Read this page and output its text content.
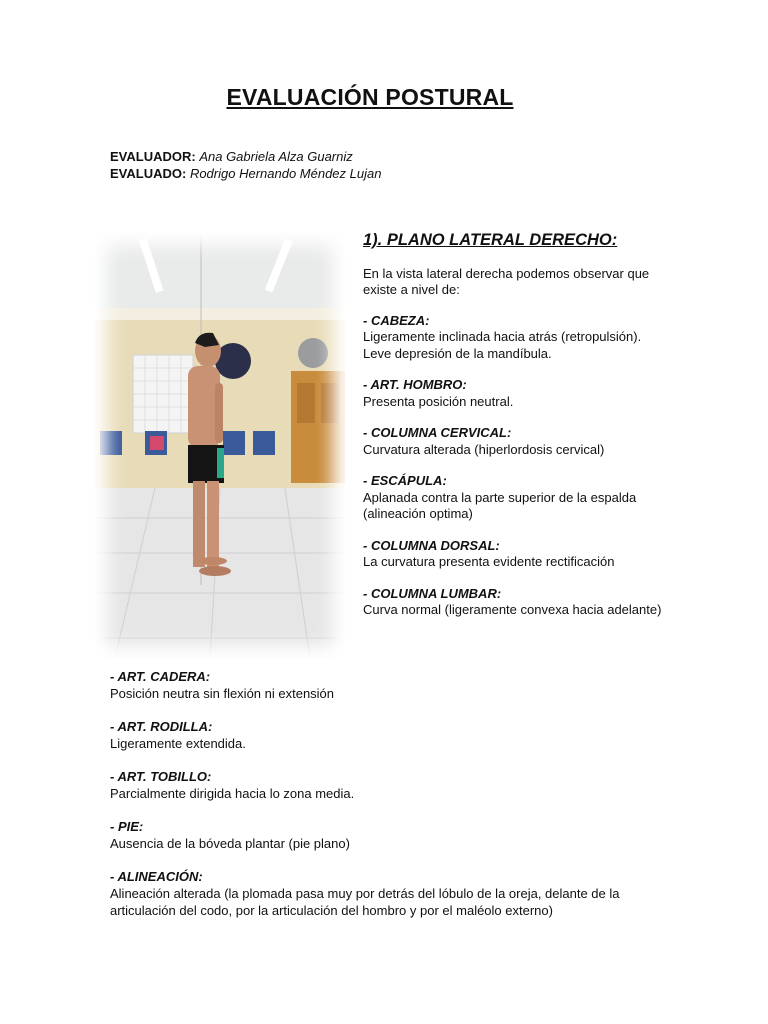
EVALUACIÓN POSTURAL
EVALUADOR: Ana Gabriela Alza Guarniz
EVALUADO: Rodrigo Hernando Méndez Lujan
1). PLANO LATERAL DERECHO:
En la vista lateral derecha podemos observar que existe a nivel de:
- CABEZA:
Ligeramente inclinada hacia atrás (retropulsión).
Leve depresión de la mandíbula.
- ART. HOMBRO:
Presenta posición neutral.
- COLUMNA CERVICAL:
Curvatura alterada (hiperlordosis cervical)
- ESCÁPULA:
Aplanada contra la parte superior de la espalda (alineación optima)
- COLUMNA DORSAL:
La curvatura presenta evidente rectificación
- COLUMNA LUMBAR:
Curva normal (ligeramente convexa hacia adelante)
- ART. CADERA:
Posición neutra sin flexión ni extensión
- ART. RODILLA:
Ligeramente extendida.
- ART. TOBILLO:
Parcialmente dirigida hacia lo zona media.
- PIE:
Ausencia de la bóveda plantar (pie plano)
- ALINEACIÓN:
Alineación alterada (la plomada pasa muy por detrás del lóbulo de la oreja, delante de la articulación del codo, por la articulación del hombro y por el maléolo externo)
